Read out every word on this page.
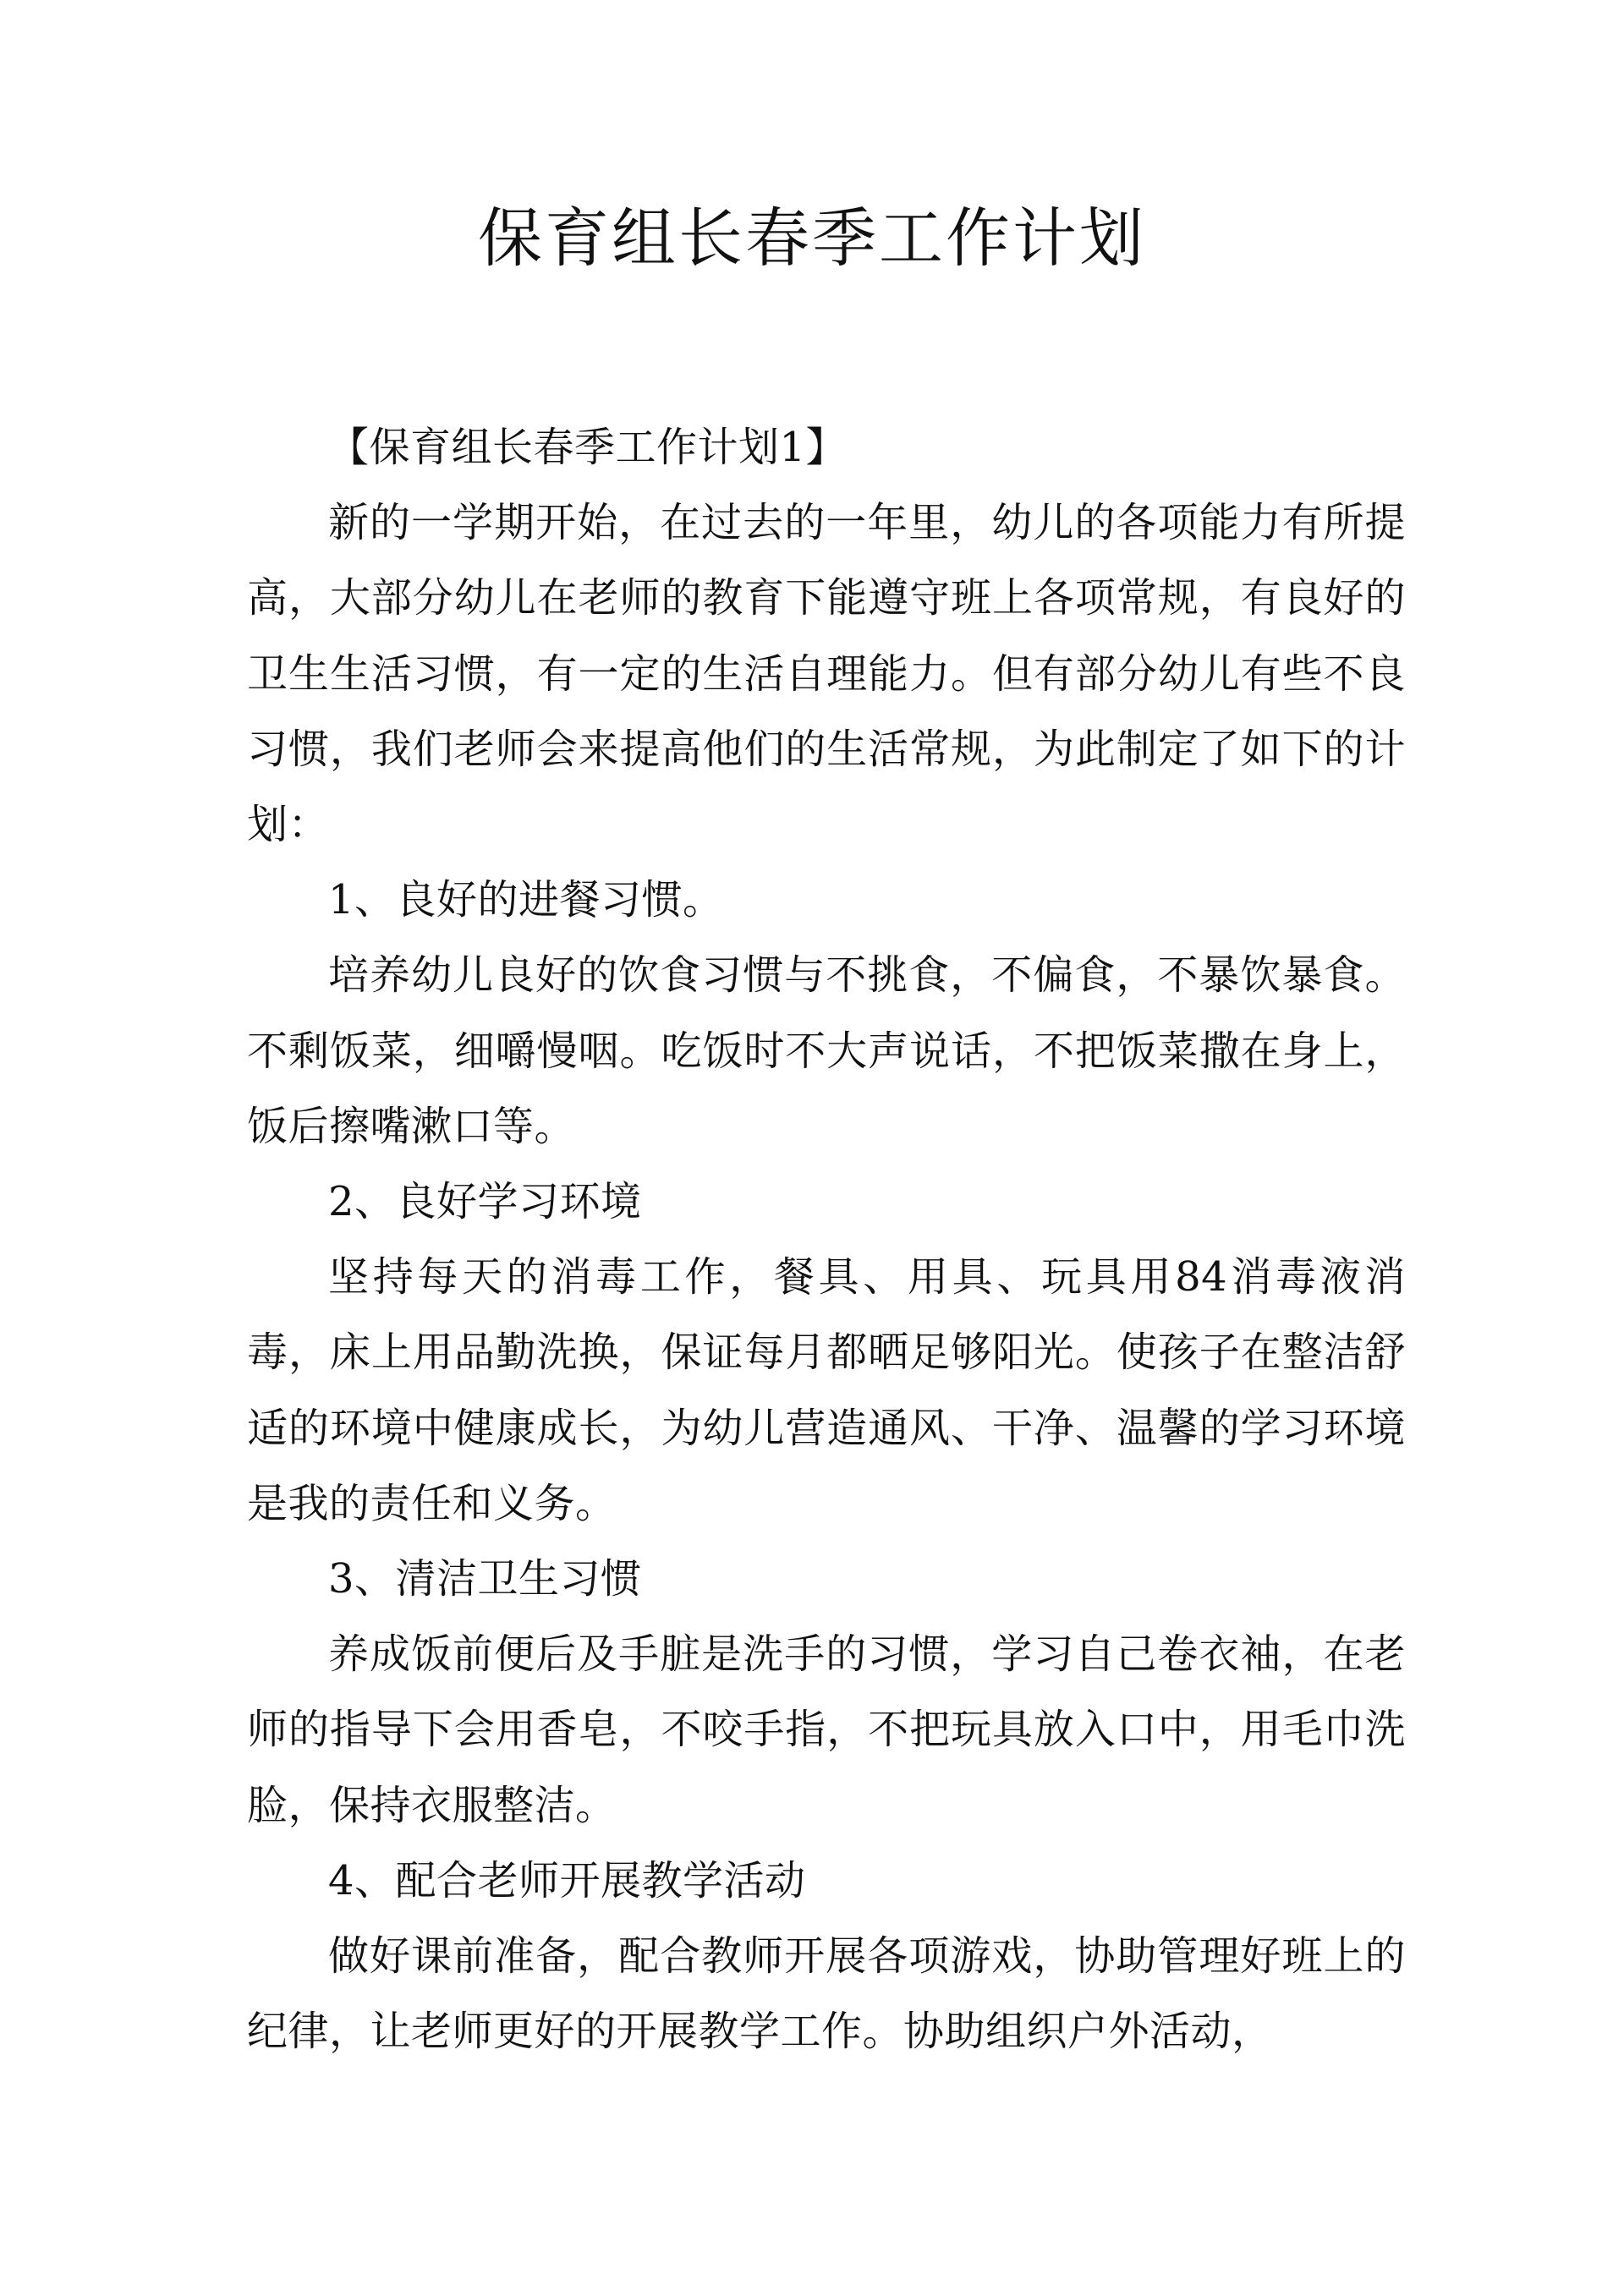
保育组长春季工作计划

【保育组长春季工作计划1】

新的一学期开始，在过去的一年里，幼儿的各项能力有所提高，大部分幼儿在老师的教育下能遵守班上各项常规，有良好的卫生生活习惯，有一定的生活自理能力。但有部分幼儿有些不良习惯，我们老师会来提高他们的生活常规，为此制定了如下的计划：

1、良好的进餐习惯。

培养幼儿良好的饮食习惯与不挑食，不偏食，不暴饮暴食。不剩饭菜，细嚼慢咽。吃饭时不大声说话，不把饭菜撒在身上，饭后擦嘴漱口等。

2、良好学习环境

坚持每天的消毒工作，餐具、用具、玩具用84消毒液消毒，床上用品勤洗换，保证每月都晒足够阳光。使孩子在整洁舒适的环境中健康成长，为幼儿营造通风、干净、温馨的学习环境是我的责任和义务。

3、清洁卫生习惯

养成饭前便后及手脏是洗手的习惯，学习自己卷衣袖，在老师的指导下会用香皂，不咬手指，不把玩具放入口中，用毛巾洗脸，保持衣服整洁。

4、配合老师开展教学活动

做好课前准备，配合教师开展各项游戏，协助管理好班上的纪律，让老师更好的开展教学工作。协助组织户外活动，
